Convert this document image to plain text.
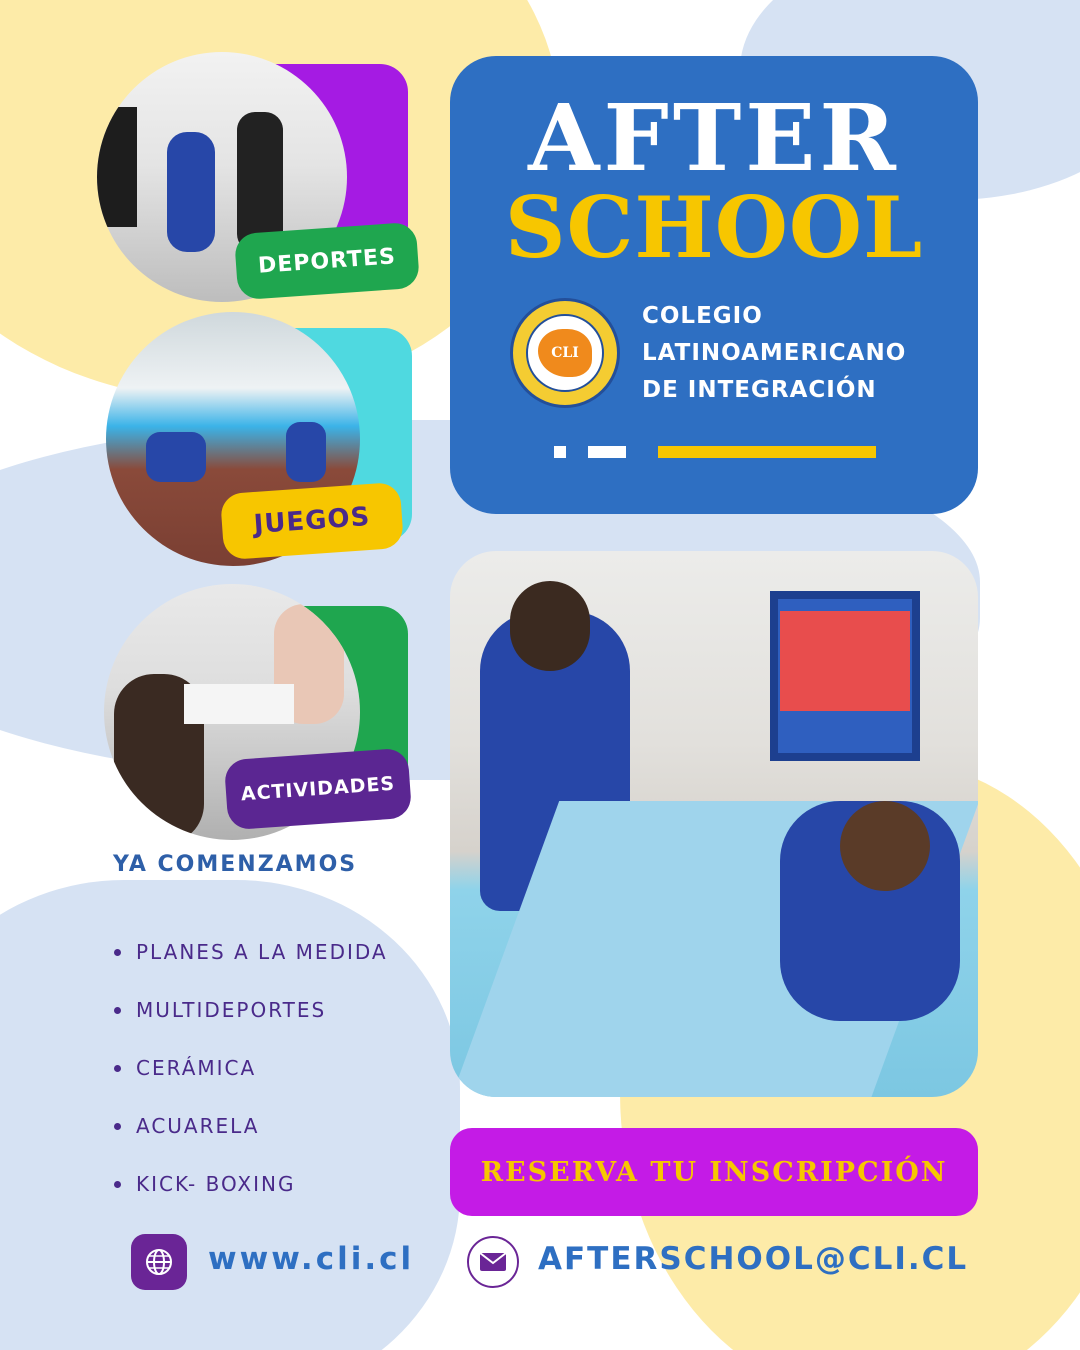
DEPORTES
JUEGOS
ACTIVIDADES
AFTER
SCHOOL
CLI
COLEGIO
LATINOAMERICANO
DE INTEGRACIÓN
YA COMENZAMOS
PLANES A LA MEDIDA
MULTIDEPORTES
CERÁMICA
ACUARELA
KICK- BOXING	RESERVA TU INSCRIPCIÓN
www.cli.cl	AFTERSCHOOL@CLI.CL
